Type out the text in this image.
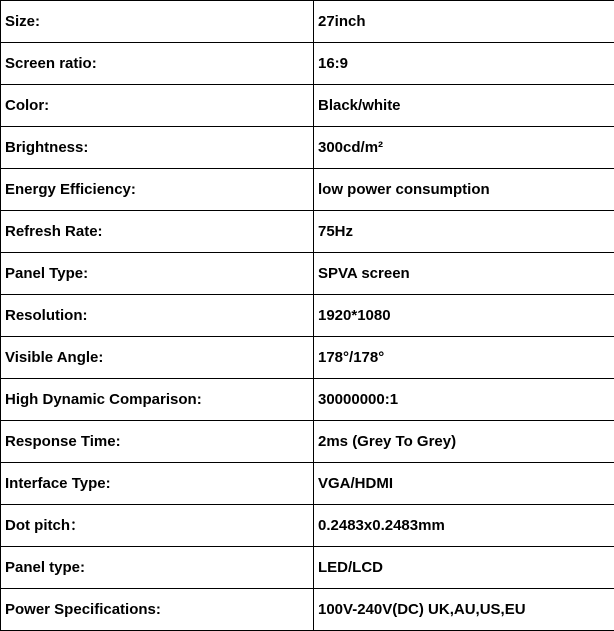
Size:	27inch
Screen ratio:	16:9
Color:	Black/white
Brightness:	300cd/m²
Energy Efficiency:	low power consumption
Refresh Rate:	75Hz
Panel Type:	SPVA screen
Resolution:	1920*1080
Visible Angle:	178°/178°
High Dynamic Comparison:	30000000:1
Response Time:	2ms (Grey To Grey)
Interface Type:	VGA/HDMI
Dot pitch：	0.2483x0.2483mm
Panel type:	LED/LCD
Power Specifications:	100V-240V(DC) UK,AU,US,EU
